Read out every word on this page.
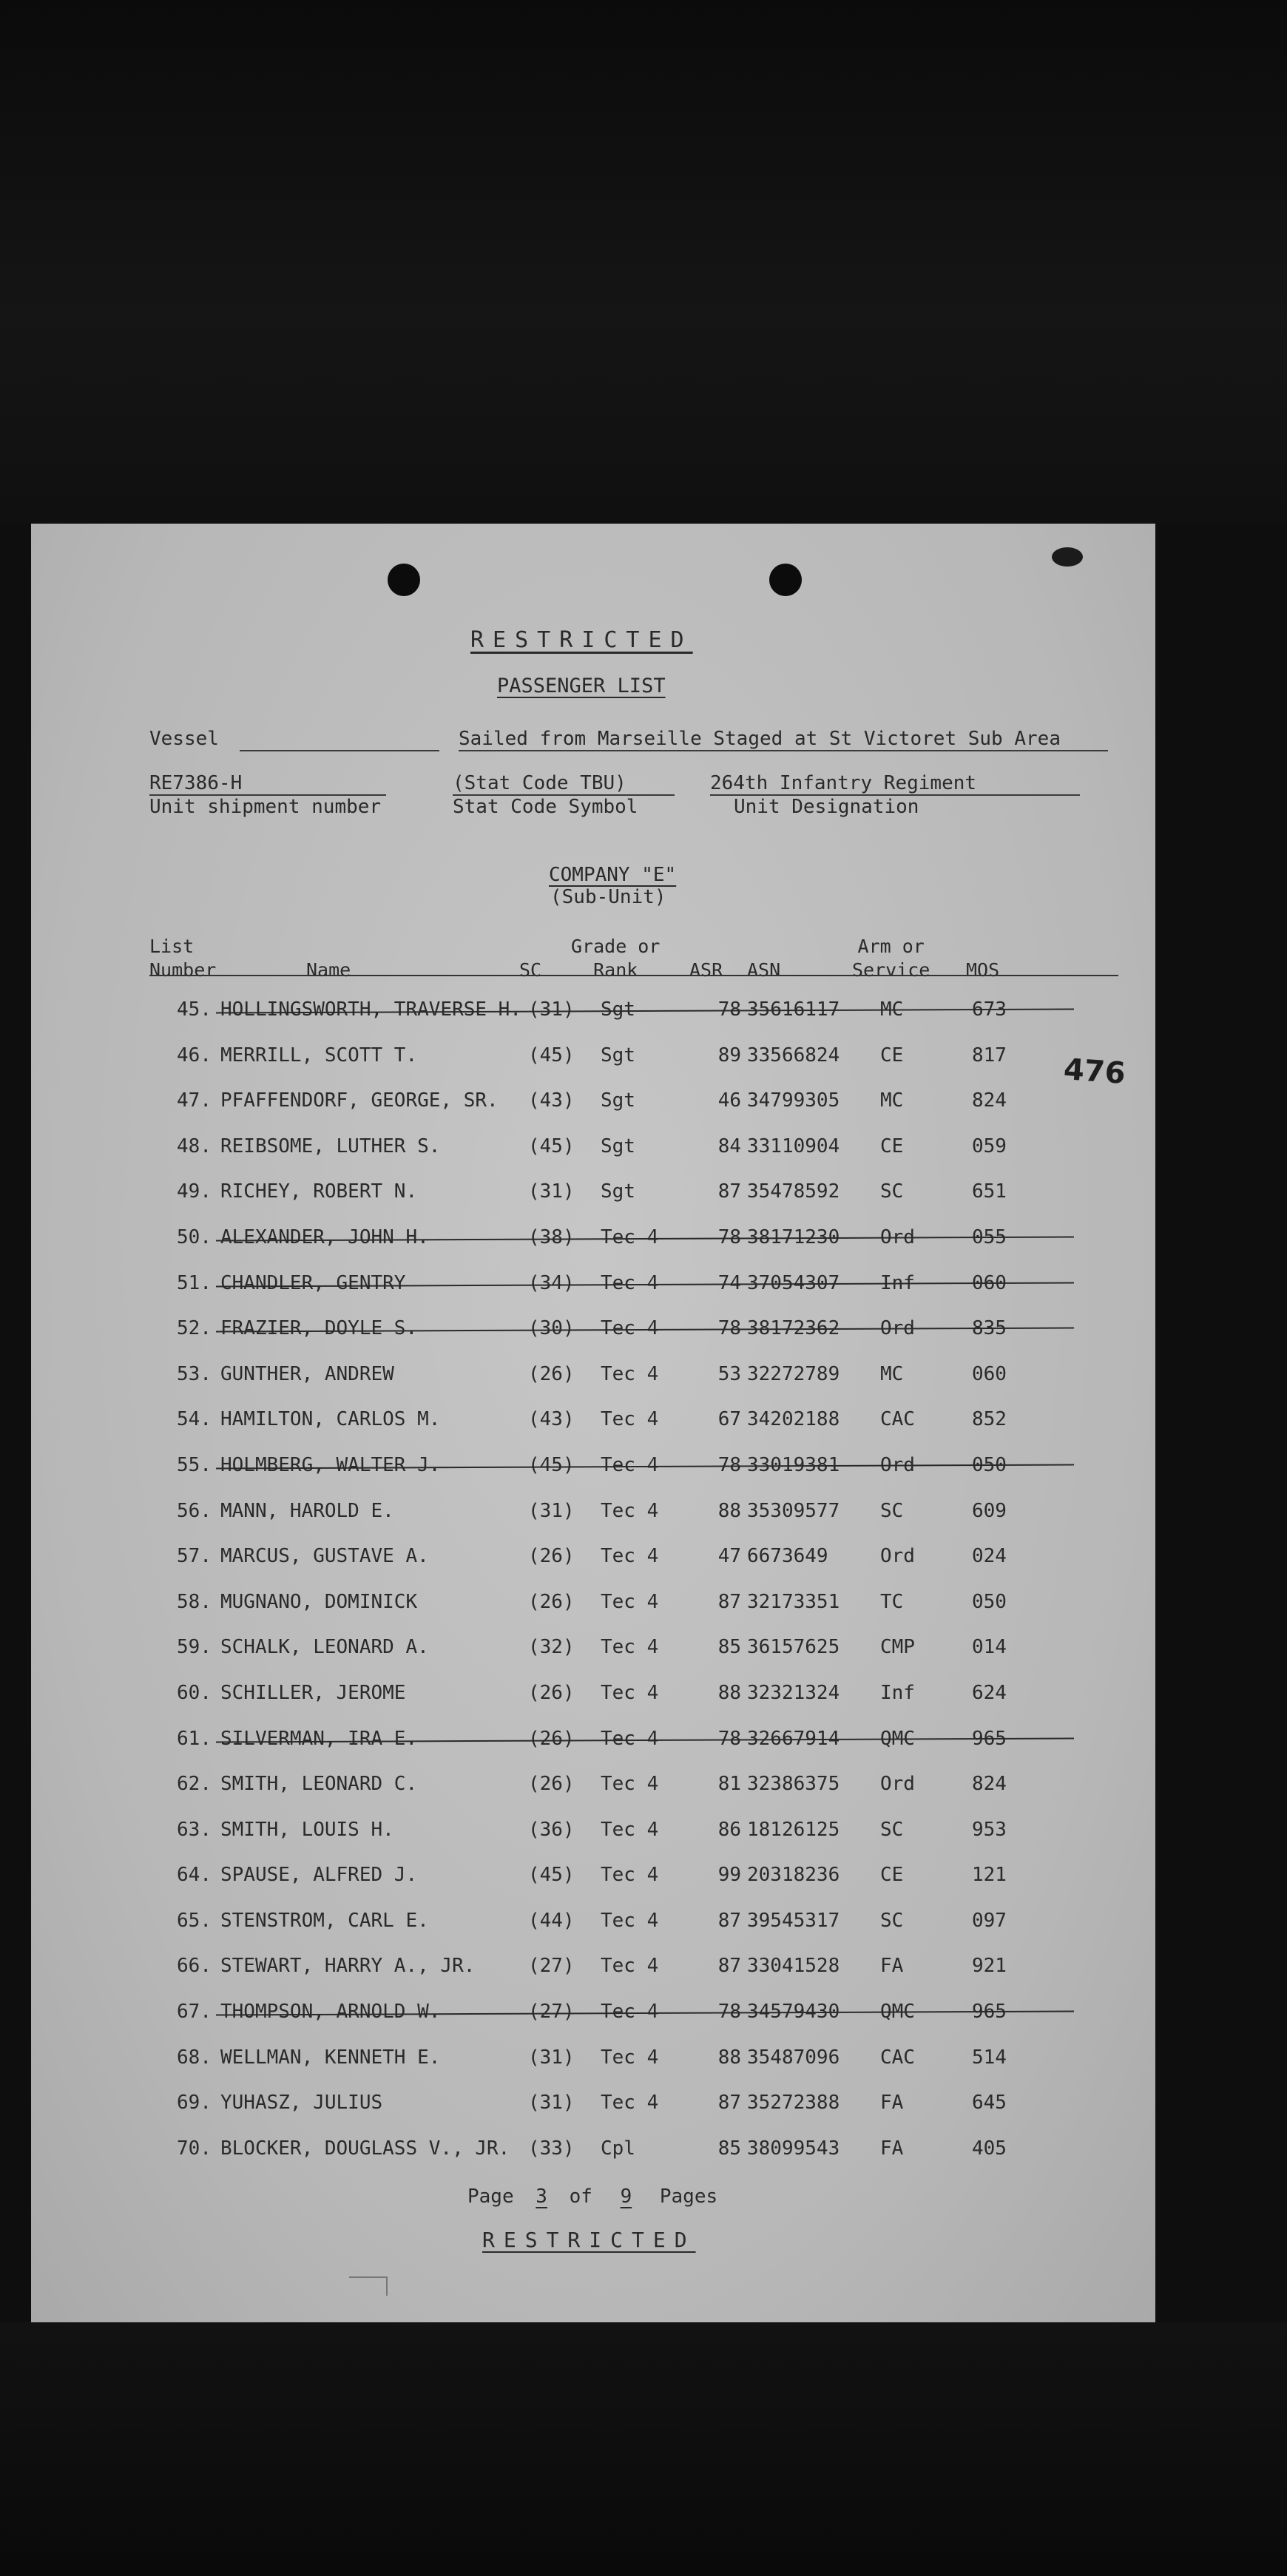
RESTRICTED
PASSENGER LIST
Vessel	Sailed from Marseille Staged at St Victoret Sub Area
RE7386-H
Unit shipment number
(Stat Code TBU)
Stat Code Symbol
264th Infantry Regiment
Unit Designation
COMPANY "E"
(Sub-Unit)
476
List
Number	Name	SC
Grade or
Rank	ASR ASN
Arm or
Service MOS
45. HOLLINGSWORTH, TRAVERSE H. (31) Sgt	78 35616117 MC	673
46. MERRILL, SCOTT T.	(45) Sgt	89 33566824 CE	817
47. PFAFFENDORF, GEORGE, SR. (43) Sgt	46 34799305 MC	824
48. REIBSOME, LUTHER S.	(45) Sgt	84 33110904 CE	059
49. RICHEY, ROBERT N.	(31) Sgt	87 35478592 SC	651
50. ALEXANDER, JOHN H.	(38) Tec 4	78 38171230 Ord	055
51. CHANDLER, GENTRY	(34) Tec 4	74 37054307 Inf	060
52. FRAZIER, DOYLE S.	(30) Tec 4	78 38172362 Ord	835
53. GUNTHER, ANDREW	(26) Tec 4	53 32272789 MC	060
54. HAMILTON, CARLOS M.	(43) Tec 4	67 34202188 CAC	852
55. HOLMBERG, WALTER J.	(45) Tec 4	78 33019381 Ord	050
56. MANN, HAROLD E.	(31) Tec 4	88 35309577 SC	609
57. MARCUS, GUSTAVE A.	(26) Tec 4	47 6673649	Ord	024
58. MUGNANO, DOMINICK	(26) Tec 4	87 32173351 TC	050
59. SCHALK, LEONARD A.	(32) Tec 4	85 36157625 CMP	014
60. SCHILLER, JEROME	(26) Tec 4	88 32321324 Inf	624
61. SILVERMAN, IRA E.	(26) Tec 4	78 32667914 QMC	965
62. SMITH, LEONARD C.	(26) Tec 4	81 32386375 Ord	824
63. SMITH, LOUIS H.	(36) Tec 4	86 18126125 SC	953
64. SPAUSE, ALFRED J.	(45) Tec 4	99 20318236 CE	121
65. STENSTROM, CARL E.	(44) Tec 4	87 39545317 SC	097
66. STEWART, HARRY A., JR.	(27) Tec 4	87 33041528 FA	921
67. THOMPSON, ARNOLD W.	(27) Tec 4	78 34579430 QMC	965
68. WELLMAN, KENNETH E.	(31) Tec 4	88 35487096 CAC	514
69. YUHASZ, JULIUS	(31) Tec 4	87 35272388 FA	645
70. BLOCKER, DOUGLASS V., JR. (33) Cpl	85 38099543 FA	405
Page 3 of 9 Pages
RESTRICTED
